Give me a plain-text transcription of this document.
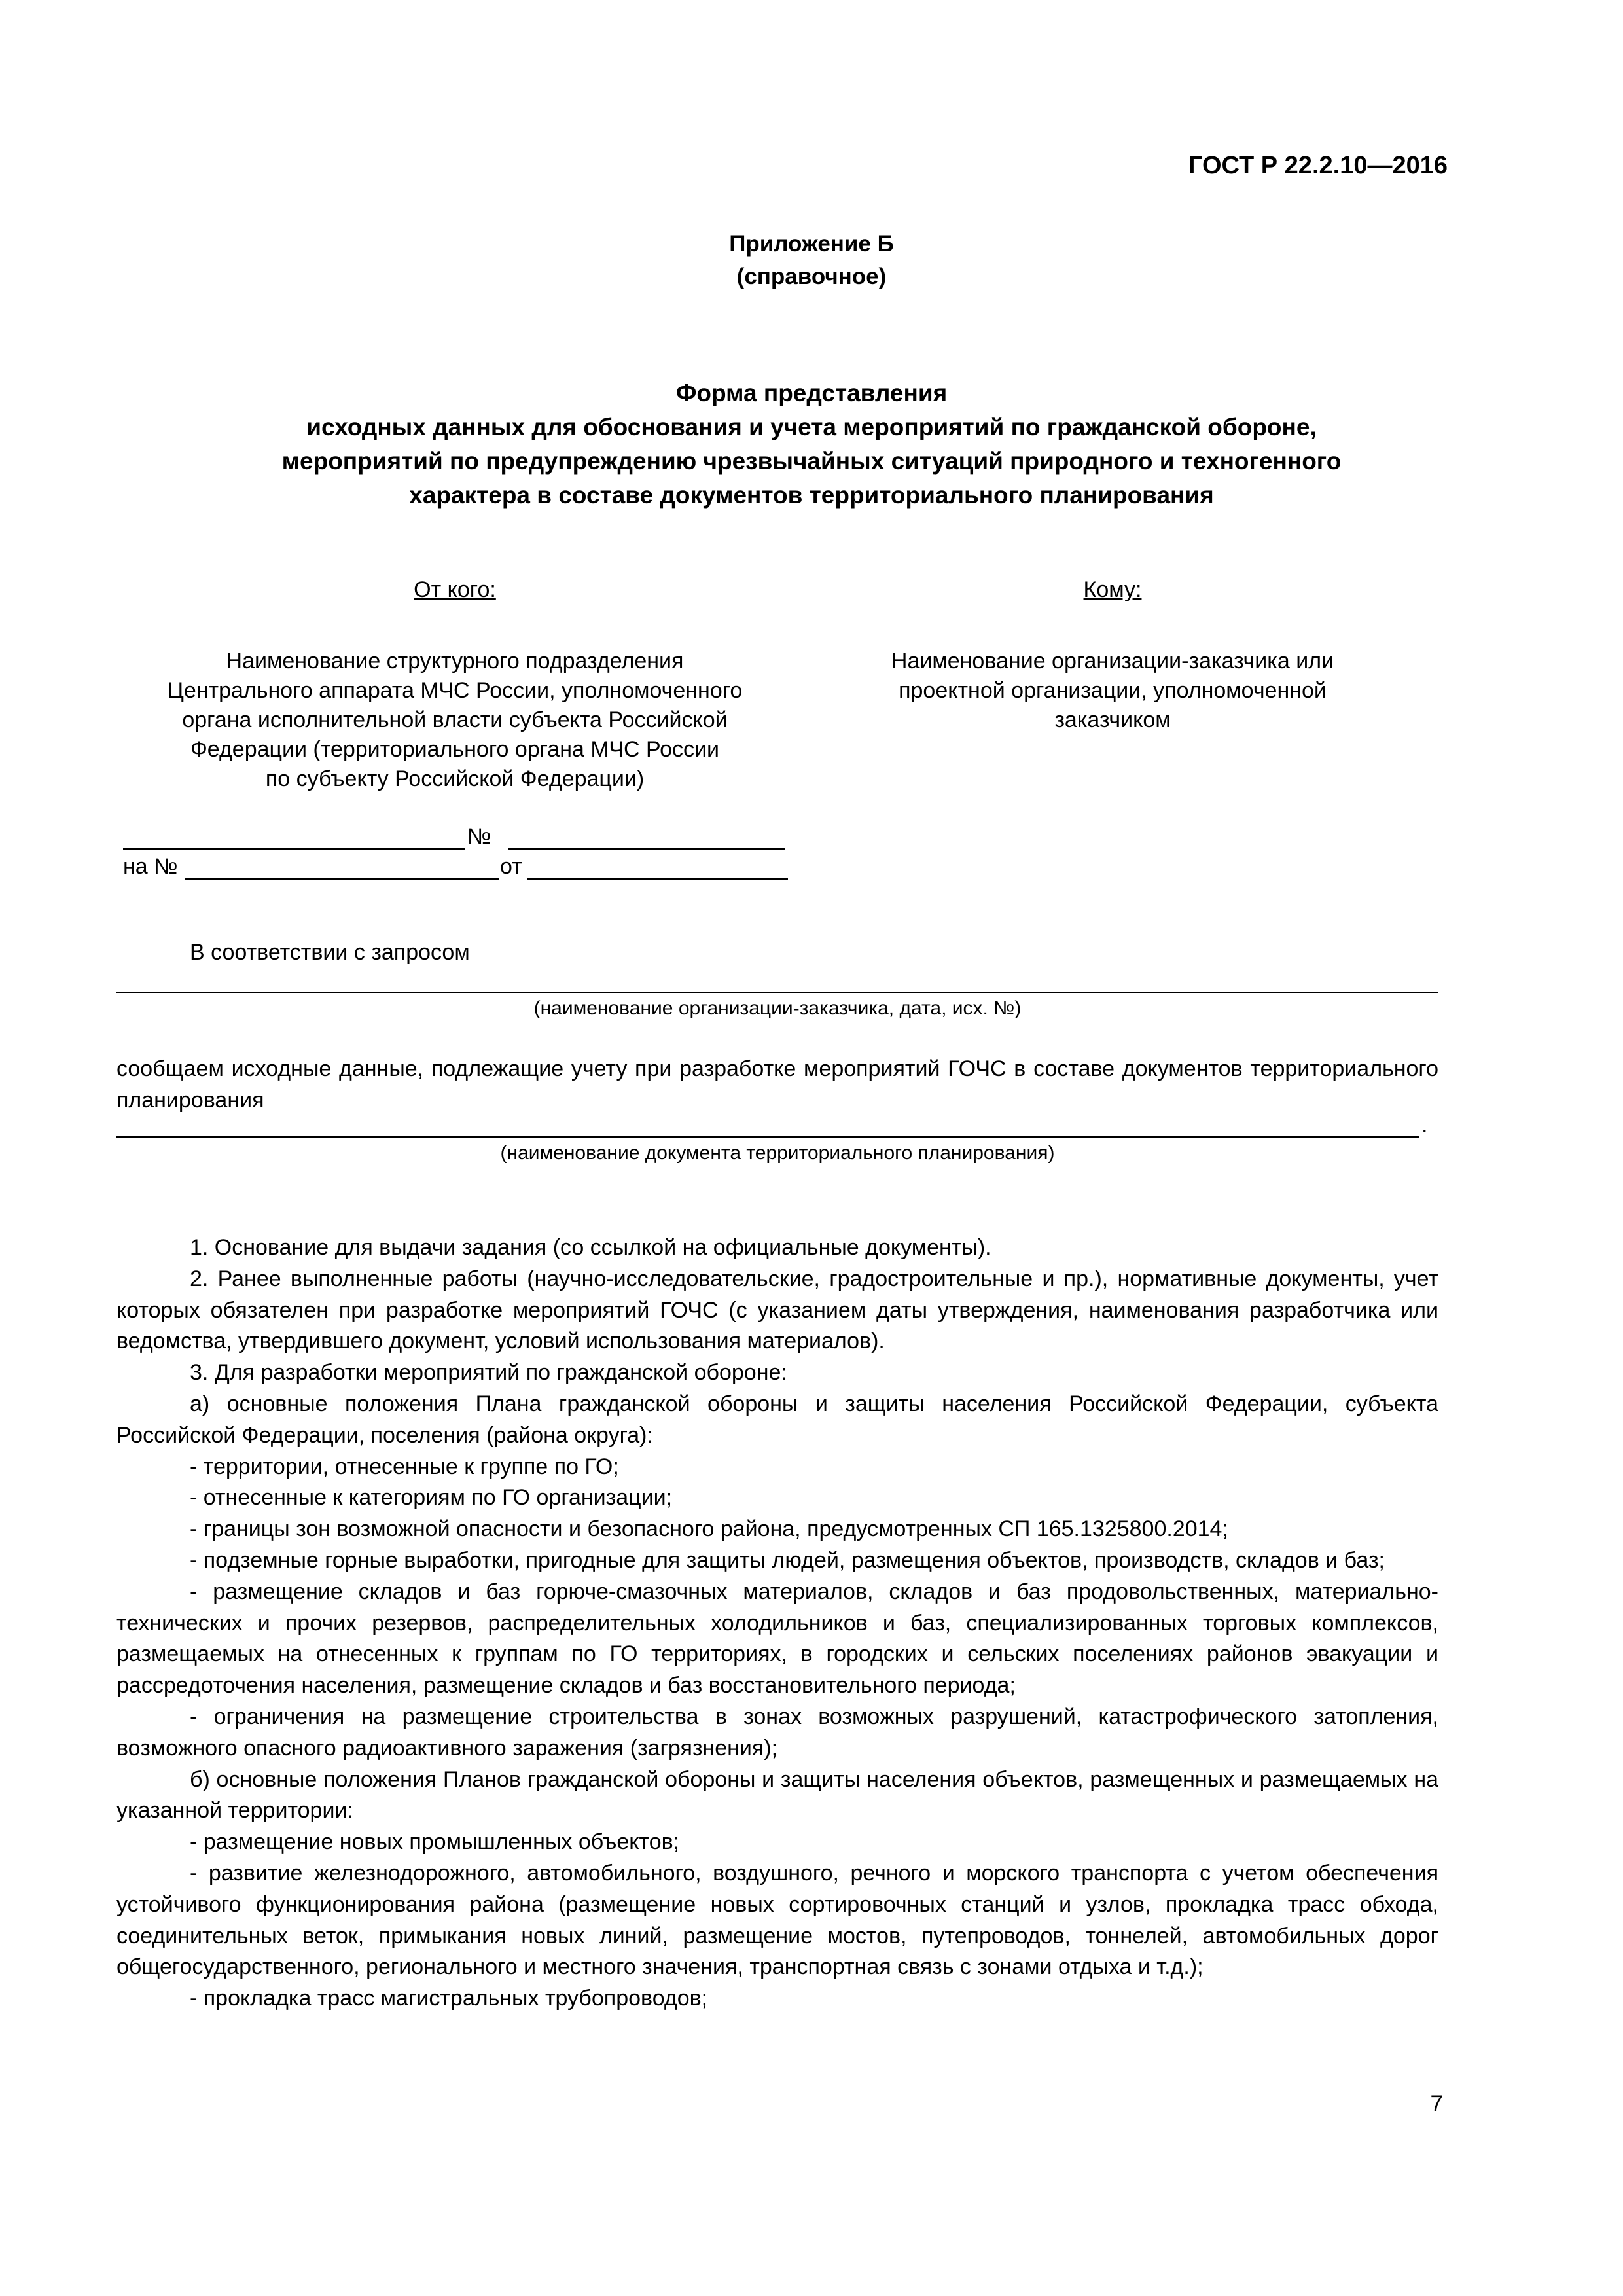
ГОСТ Р 22.2.10—2016
Приложение Б
(справочное)
Форма представления
исходных данных для обоснования и учета мероприятий по гражданской обороне,
мероприятий по предупреждению чрезвычайных ситуаций природного и техногенного
характера в составе документов территориального планирования
От кого:
Наименование структурного подразделения
Центрального аппарата МЧС России, уполномоченного
органа исполнительной власти субъекта Российской
Федерации (территориального органа МЧС России
по субъекту Российской Федерации)
Кому:
Наименование организации-заказчика или
проектной организации, уполномоченной
заказчиком
№
на №	от
В соответствии с запросом
(наименование организации-заказчика, дата, исх. №)

сообщаем исходные данные, подлежащие учету при разработке мероприятий ГОЧС в составе документов территориального планирования

.
(наименование документа территориального планирования)

1. Основание для выдачи задания (со ссылкой на официальные документы).

2. Ранее выполненные работы (научно-исследовательские, градостроительные и пр.), нормативные документы, учет которых обязателен при разработке мероприятий ГОЧС (с указанием даты утверждения, наименования разработчика или ведомства, утвердившего документ, условий использования материалов).

3. Для разработки мероприятий по гражданской обороне:

а) основные положения Плана гражданской обороны и защиты населения Российской Федерации, субъекта Российской Федерации, поселения (района округа):

- территории, отнесенные к группе по ГО;

- отнесенные к категориям по ГО организации;

- границы зон возможной опасности и безопасного района, предусмотренных СП 165.1325800.2014;

- подземные горные выработки, пригодные для защиты людей, размещения объектов, производств, складов и баз;

- размещение складов и баз горюче-смазочных материалов, складов и баз продовольственных, материально-технических и прочих резервов, распределительных холодильников и баз, специализированных торговых комплексов, размещаемых на отнесенных к группам по ГО территориях, в городских и сельских поселениях районов эвакуации и рассредоточения населения, размещение складов и баз восстановительного периода;

- ограничения на размещение строительства в зонах возможных разрушений, катастрофического затопления, возможного опасного радиоактивного заражения (загрязнения);

б) основные положения Планов гражданской обороны и защиты населения объектов, размещенных и размещаемых на указанной территории:

- размещение новых промышленных объектов;

- развитие железнодорожного, автомобильного, воздушного, речного и морского транспорта с учетом обеспечения устойчивого функционирования района (размещение новых сортировочных станций и узлов, прокладка трасс обхода, соединительных веток, примыкания новых линий, размещение мостов, путепроводов, тоннелей, автомобильных дорог общегосударственного, регионального и местного значения, транспортная связь с зонами отдыха и т.д.);

- прокладка трасс магистральных трубопроводов;

7
